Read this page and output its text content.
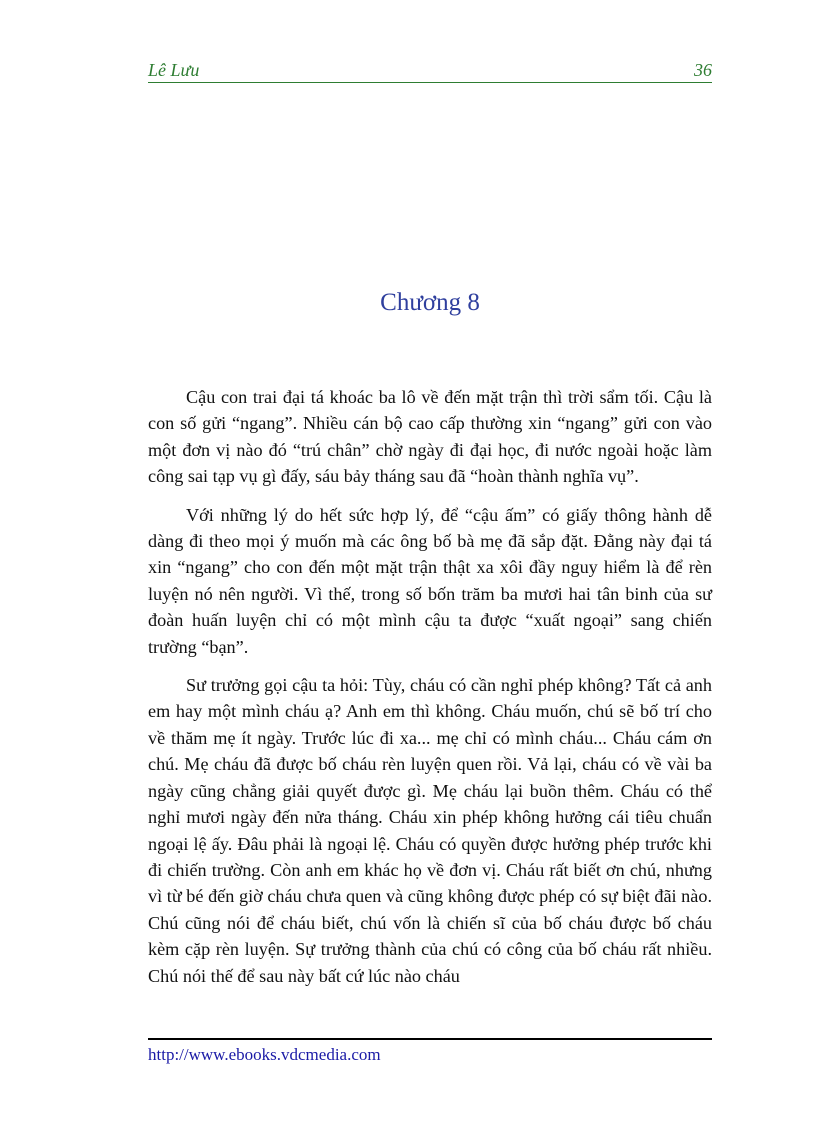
Lê Lưu	36
Chương 8

Cậu con trai đại tá khoác ba lô về đến mặt trận thì trời sẩm tối. Cậu là con số gửi “ngang”. Nhiều cán bộ cao cấp thường xin “ngang” gửi con vào một đơn vị nào đó “trú chân” chờ ngày đi đại học, đi nước ngoài hoặc làm công sai tạp vụ gì đấy, sáu bảy tháng sau đã “hoàn thành nghĩa vụ”.

Với những lý do hết sức hợp lý, để “cậu ấm” có giấy thông hành dễ dàng đi theo mọi ý muốn mà các ông bố bà mẹ đã sắp đặt. Đằng này đại tá xin “ngang” cho con đến một mặt trận thật xa xôi đầy nguy hiểm là để rèn luyện nó nên người. Vì thế, trong số bốn trăm ba mươi hai tân binh của sư đoàn huấn luyện chỉ có một mình cậu ta được “xuất ngoại” sang chiến trường “bạn”.

Sư trưởng gọi cậu ta hỏi: Tùy, cháu có cần nghỉ phép không? Tất cả anh em hay một mình cháu ạ? Anh em thì không. Cháu muốn, chú sẽ bố trí cho về thăm mẹ ít ngày. Trước lúc đi xa... mẹ chỉ có mình cháu... Cháu cám ơn chú. Mẹ cháu đã được bố cháu rèn luyện quen rồi. Vả lại, cháu có về vài ba ngày cũng chẳng giải quyết được gì. Mẹ cháu lại buồn thêm. Cháu có thể nghỉ mươi ngày đến nửa tháng. Cháu xin phép không hưởng cái tiêu chuẩn ngoại lệ ấy. Đâu phải là ngoại lệ. Cháu có quyền được hưởng phép trước khi đi chiến trường. Còn anh em khác họ về đơn vị. Cháu rất biết ơn chú, nhưng vì từ bé đến giờ cháu chưa quen và cũng không được phép có sự biệt đãi nào. Chú cũng nói để cháu biết, chú vốn là chiến sĩ của bố cháu được bố cháu kèm cặp rèn luyện. Sự trưởng thành của chú có công của bố cháu rất nhiều. Chú nói thế để sau này bất cứ lúc nào cháu

http://www.ebooks.vdcmedia.com
